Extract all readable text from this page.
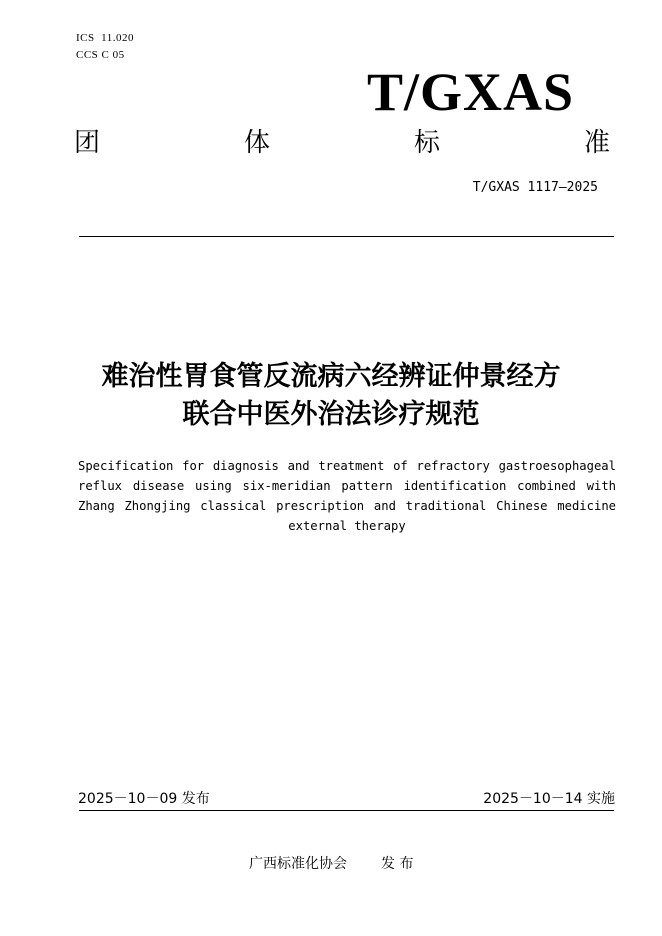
ICS  11.020
CCS C 05
T/GXAS
团	体	标	准
T/GXAS 1117—2025
难治性胃食管反流病六经辨证仲景经方
联合中医外治法诊疗规范
Specification for diagnosis and treatment of refractory gastroesophageal reflux disease using six-meridian pattern identification combined with Zhang Zhongjing classical prescription and traditional Chinese medicine external therapy
2025－10－09 发布	2025－10－14 实施
广西标准化协会 发 布
